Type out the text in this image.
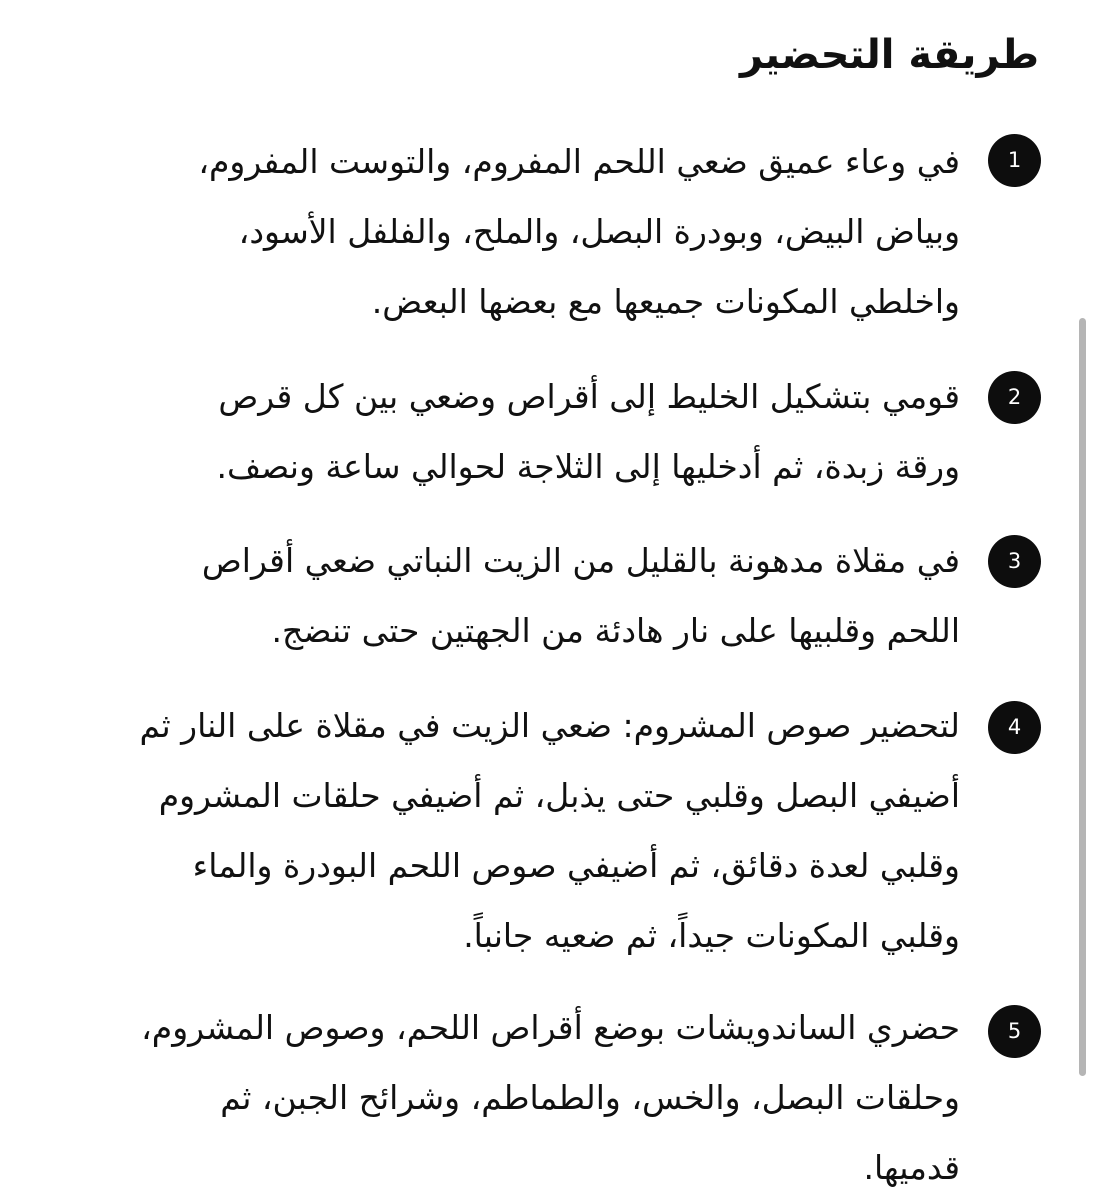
طريقة التحضير
1

في وعاء عميق ضعي اللحم المفروم، والتوست المفروم،
وبياض البيض، وبودرة البصل، والملح، والفلفل الأسود،
واخلطي المكونات جميعها مع بعضها البعض.

2

قومي بتشكيل الخليط إلى أقراص وضعي بين كل قرص
ورقة زبدة، ثم أدخليها إلى الثلاجة لحوالي ساعة ونصف.

3

في مقلاة مدهونة بالقليل من الزيت النباتي ضعي أقراص
اللحم وقلبيها على نار هادئة من الجهتين حتى تنضج.

4

لتحضير صوص المشروم: ضعي الزيت في مقلاة على النار ثم
أضيفي البصل وقلبي حتى يذبل، ثم أضيفي حلقات المشروم
وقلبي لعدة دقائق، ثم أضيفي صوص اللحم البودرة والماء
وقلبي المكونات جيداً، ثم ضعيه جانباً.

5

حضري الساندويشات بوضع أقراص اللحم، وصوص المشروم،
وحلقات البصل، والخس، والطماطم، وشرائح الجبن، ثم
قدميها.
